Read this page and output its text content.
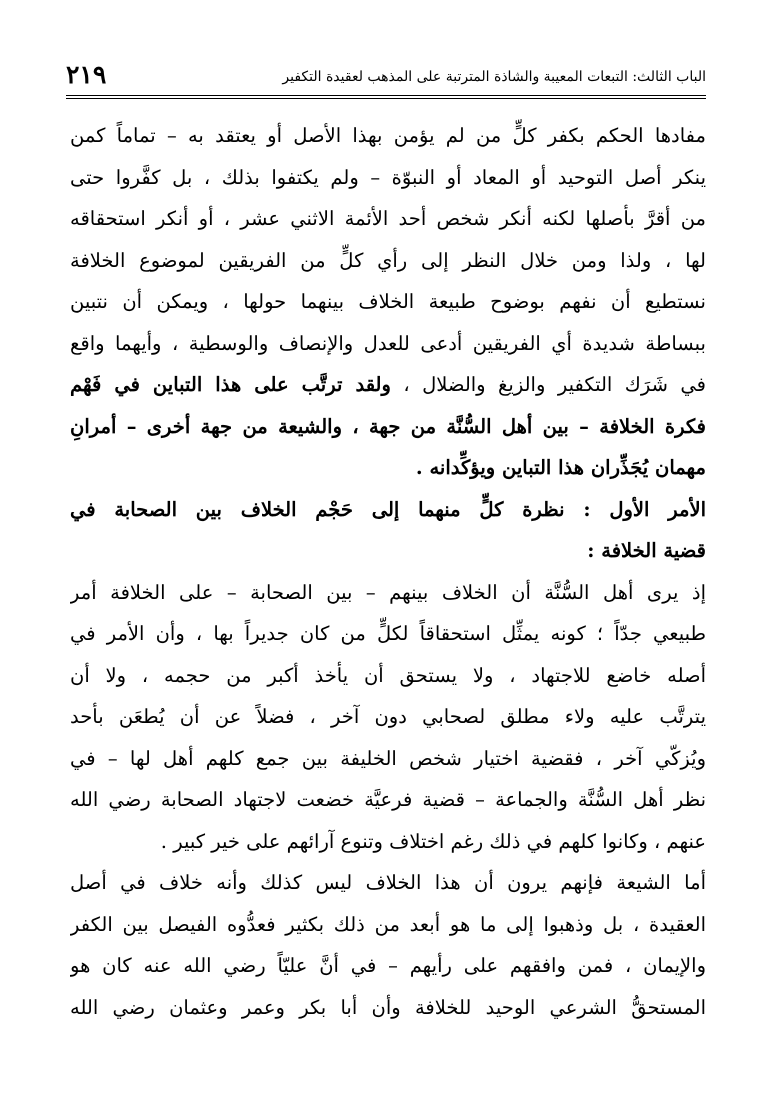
الباب الثالث: التبعات المعيبة والشاذة المترتبة على المذهب لعقيدة التكفير
٢١٩
مفادها الحكم بكفر كلٍّ من لم يؤمن بهذا الأصل أو يعتقد به – تماماً كمن
ينكر أصل التوحيد أو المعاد أو النبوّة – ولم يكتفوا بذلك ، بل كفَّروا حتى
من أقرَّ بأصلها لكنه أنكر شخص أحد الأئمة الاثني عشر ، أو أنكر استحقاقه
لها ، ولذا ومن خلال النظر إلى رأي كلٍّ من الفريقين لموضوع الخلافة
نستطيع أن نفهم بوضوح طبيعة الخلاف بينهما حولها ، ويمكن أن نتبين
ببساطة شديدة أي الفريقين أدعى للعدل والإنصاف والوسطية ، وأيهما واقع
في شَرَك التكفير والزيغ والضلال ، ولقد ترتَّب على هذا التباين في فَهْم
فكرة الخلافة – بين أهل السُّنَّة من جهة ، والشيعة من جهة أخرى – أمرانِ
مهمان يُجَذِّران هذا التباين ويؤكِّدانه .
الأمر الأول : نظرة كلٍّ منهما إلى حَجْم الخلاف بين الصحابة في
قضية الخلافة :
إذ يرى أهل السُّنَّة أن الخلاف بينهم – بين الصحابة – على الخلافة أمر
طبيعي جدّاً ؛ كونه يمثِّل استحقاقاً لكلٍّ من كان جديراً بها ، وأن الأمر في
أصله خاضع للاجتهاد ، ولا يستحق أن يأخذ أكبر من حجمه ، ولا أن
يترتَّب عليه ولاء مطلق لصحابي دون آخر ، فضلاً عن أن يُطعَن بأحد
ويُزكّي آخر ، فقضية اختيار شخص الخليفة بين جمع كلهم أهل لها – في
نظر أهل السُّنَّة والجماعة – قضية فرعيَّة خضعت لاجتهاد الصحابة رضي الله
عنهم ، وكانوا كلهم في ذلك رغم اختلاف وتنوع آرائهم على خير كبير .
أما الشيعة فإنهم يرون أن هذا الخلاف ليس كذلك وأنه خلاف في أصل
العقيدة ، بل وذهبوا إلى ما هو أبعد من ذلك بكثير فعدُّوه الفيصل بين الكفر
والإيمان ، فمن وافقهم على رأيهم – في أنَّ عليّاً رضي الله عنه كان هو
المستحقُّ الشرعي الوحيد للخلافة وأن أبا بكر وعمر وعثمان رضي الله
